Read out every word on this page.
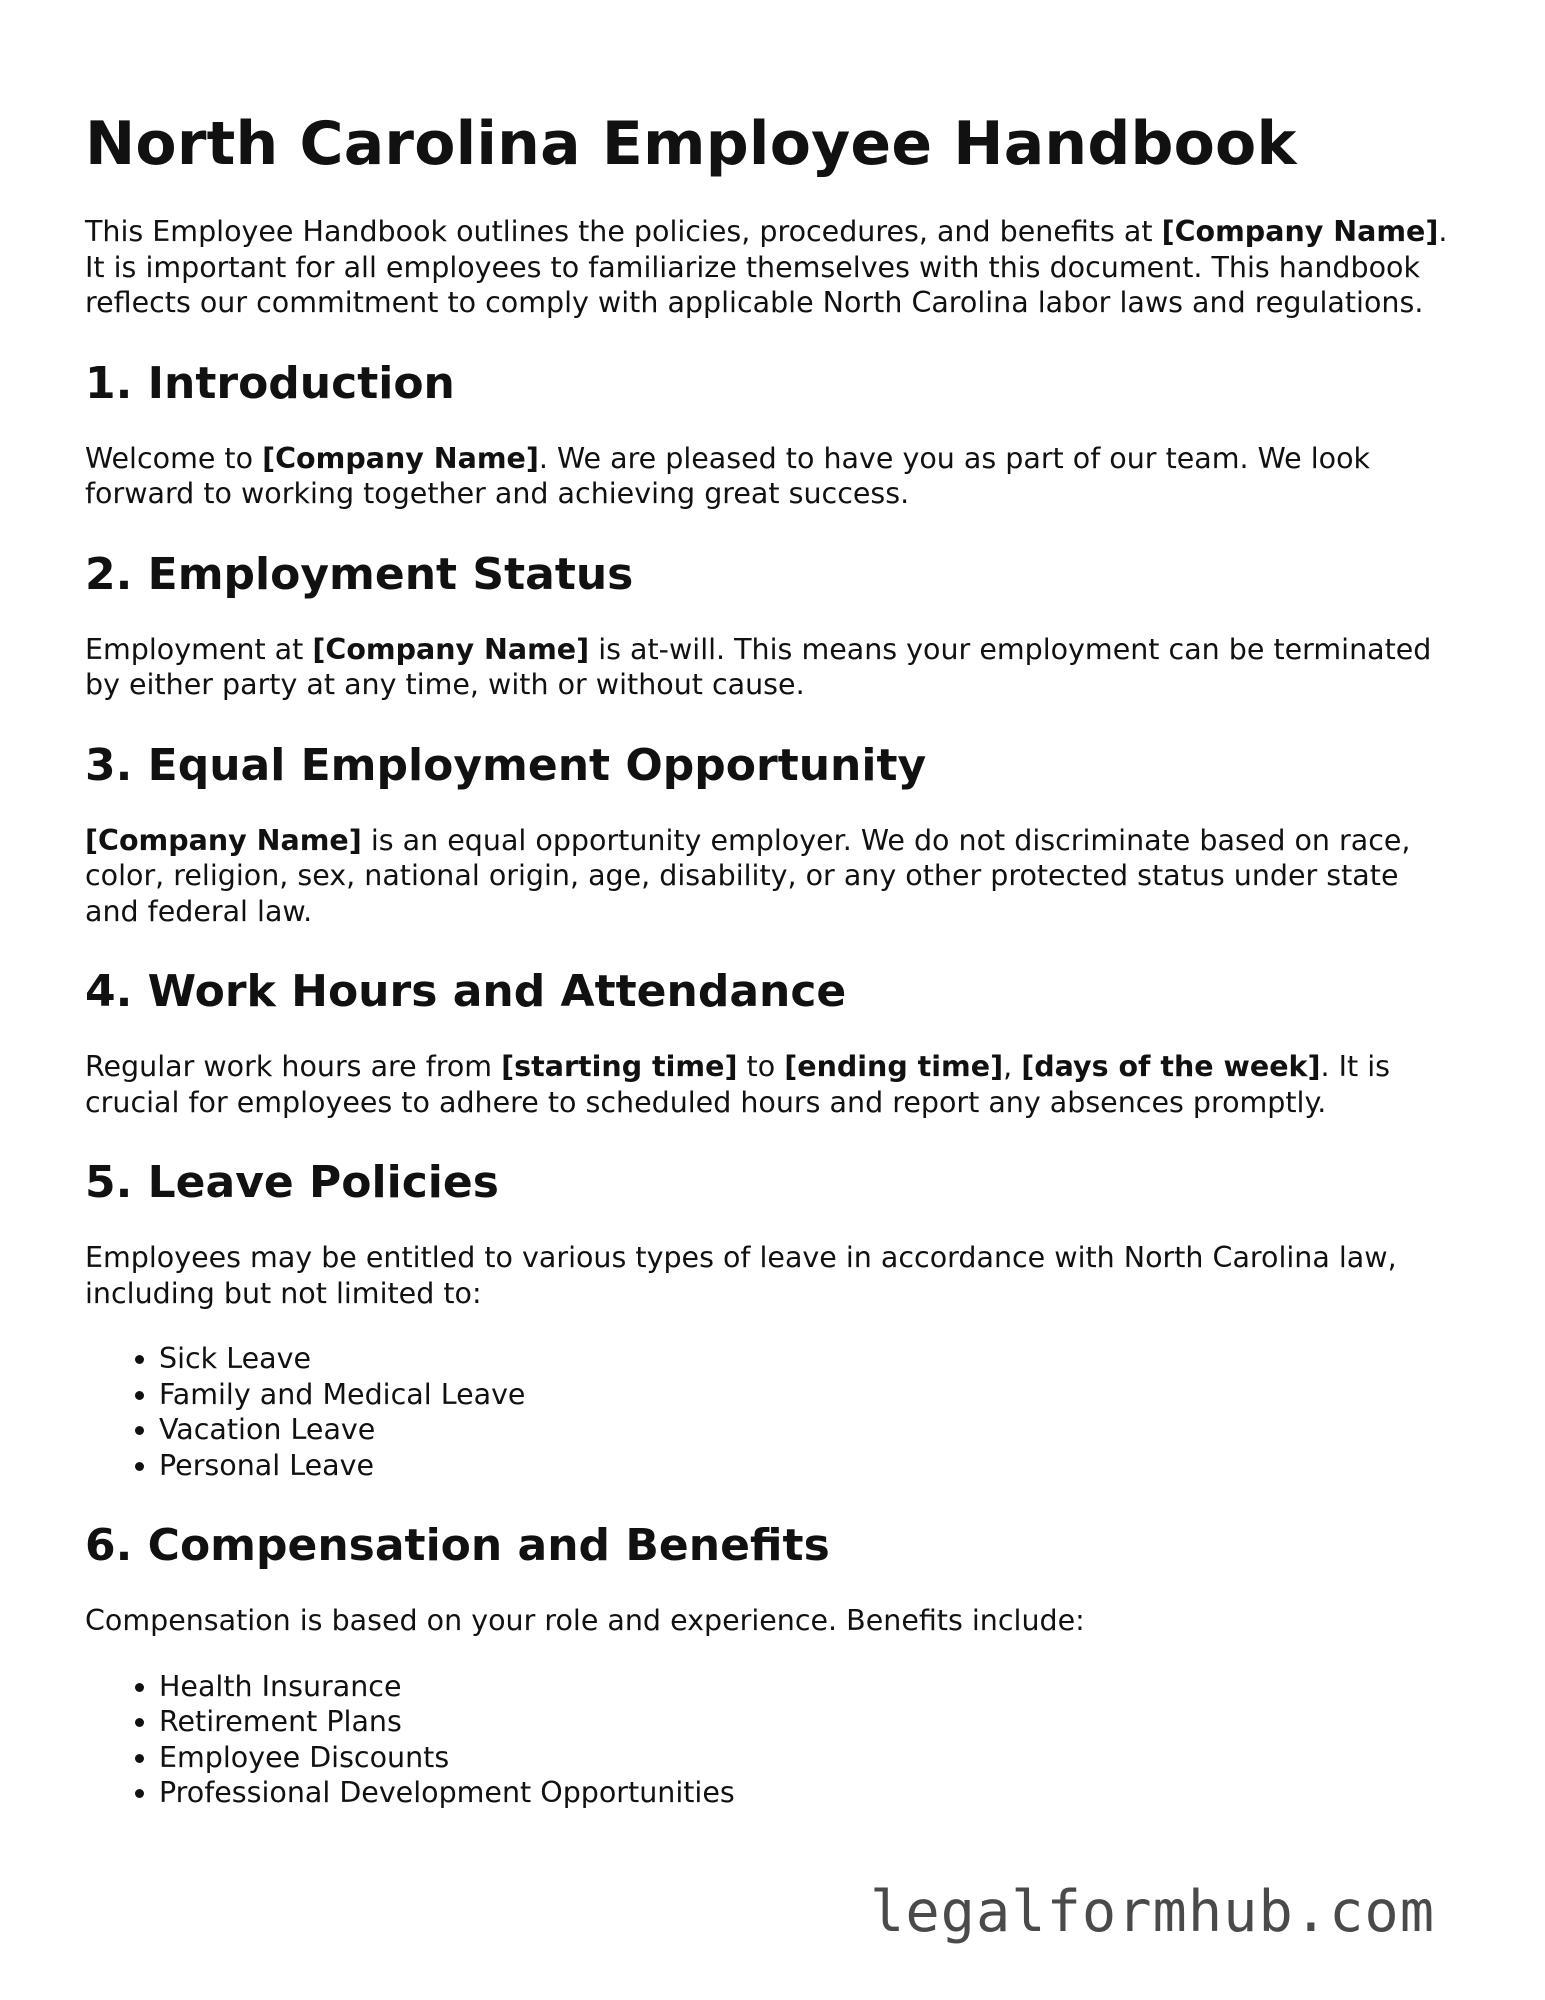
North Carolina Employee Handbook

This Employee Handbook outlines the policies, procedures, and benefits at [Company Name]. It is important for all employees to familiarize themselves with this document. This handbook reflects our commitment to comply with applicable North Carolina labor laws and regulations.

1. Introduction

Welcome to [Company Name]. We are pleased to have you as part of our team. We look forward to working together and achieving great success.

2. Employment Status

Employment at [Company Name] is at-will. This means your employment can be terminated by either party at any time, with or without cause.

3. Equal Employment Opportunity

[Company Name] is an equal opportunity employer. We do not discriminate based on race, color, religion, sex, national origin, age, disability, or any other protected status under state and federal law.

4. Work Hours and Attendance

Regular work hours are from [starting time] to [ending time], [days of the week]. It is crucial for employees to adhere to scheduled hours and report any absences promptly.

5. Leave Policies

Employees may be entitled to various types of leave in accordance with North Carolina law, including but not limited to:

• Sick Leave
• Family and Medical Leave
• Vacation Leave
• Personal Leave
6. Compensation and Benefits

Compensation is based on your role and experience. Benefits include:

• Health Insurance
• Retirement Plans
• Employee Discounts
• Professional Development Opportunities
legalformhub.com
